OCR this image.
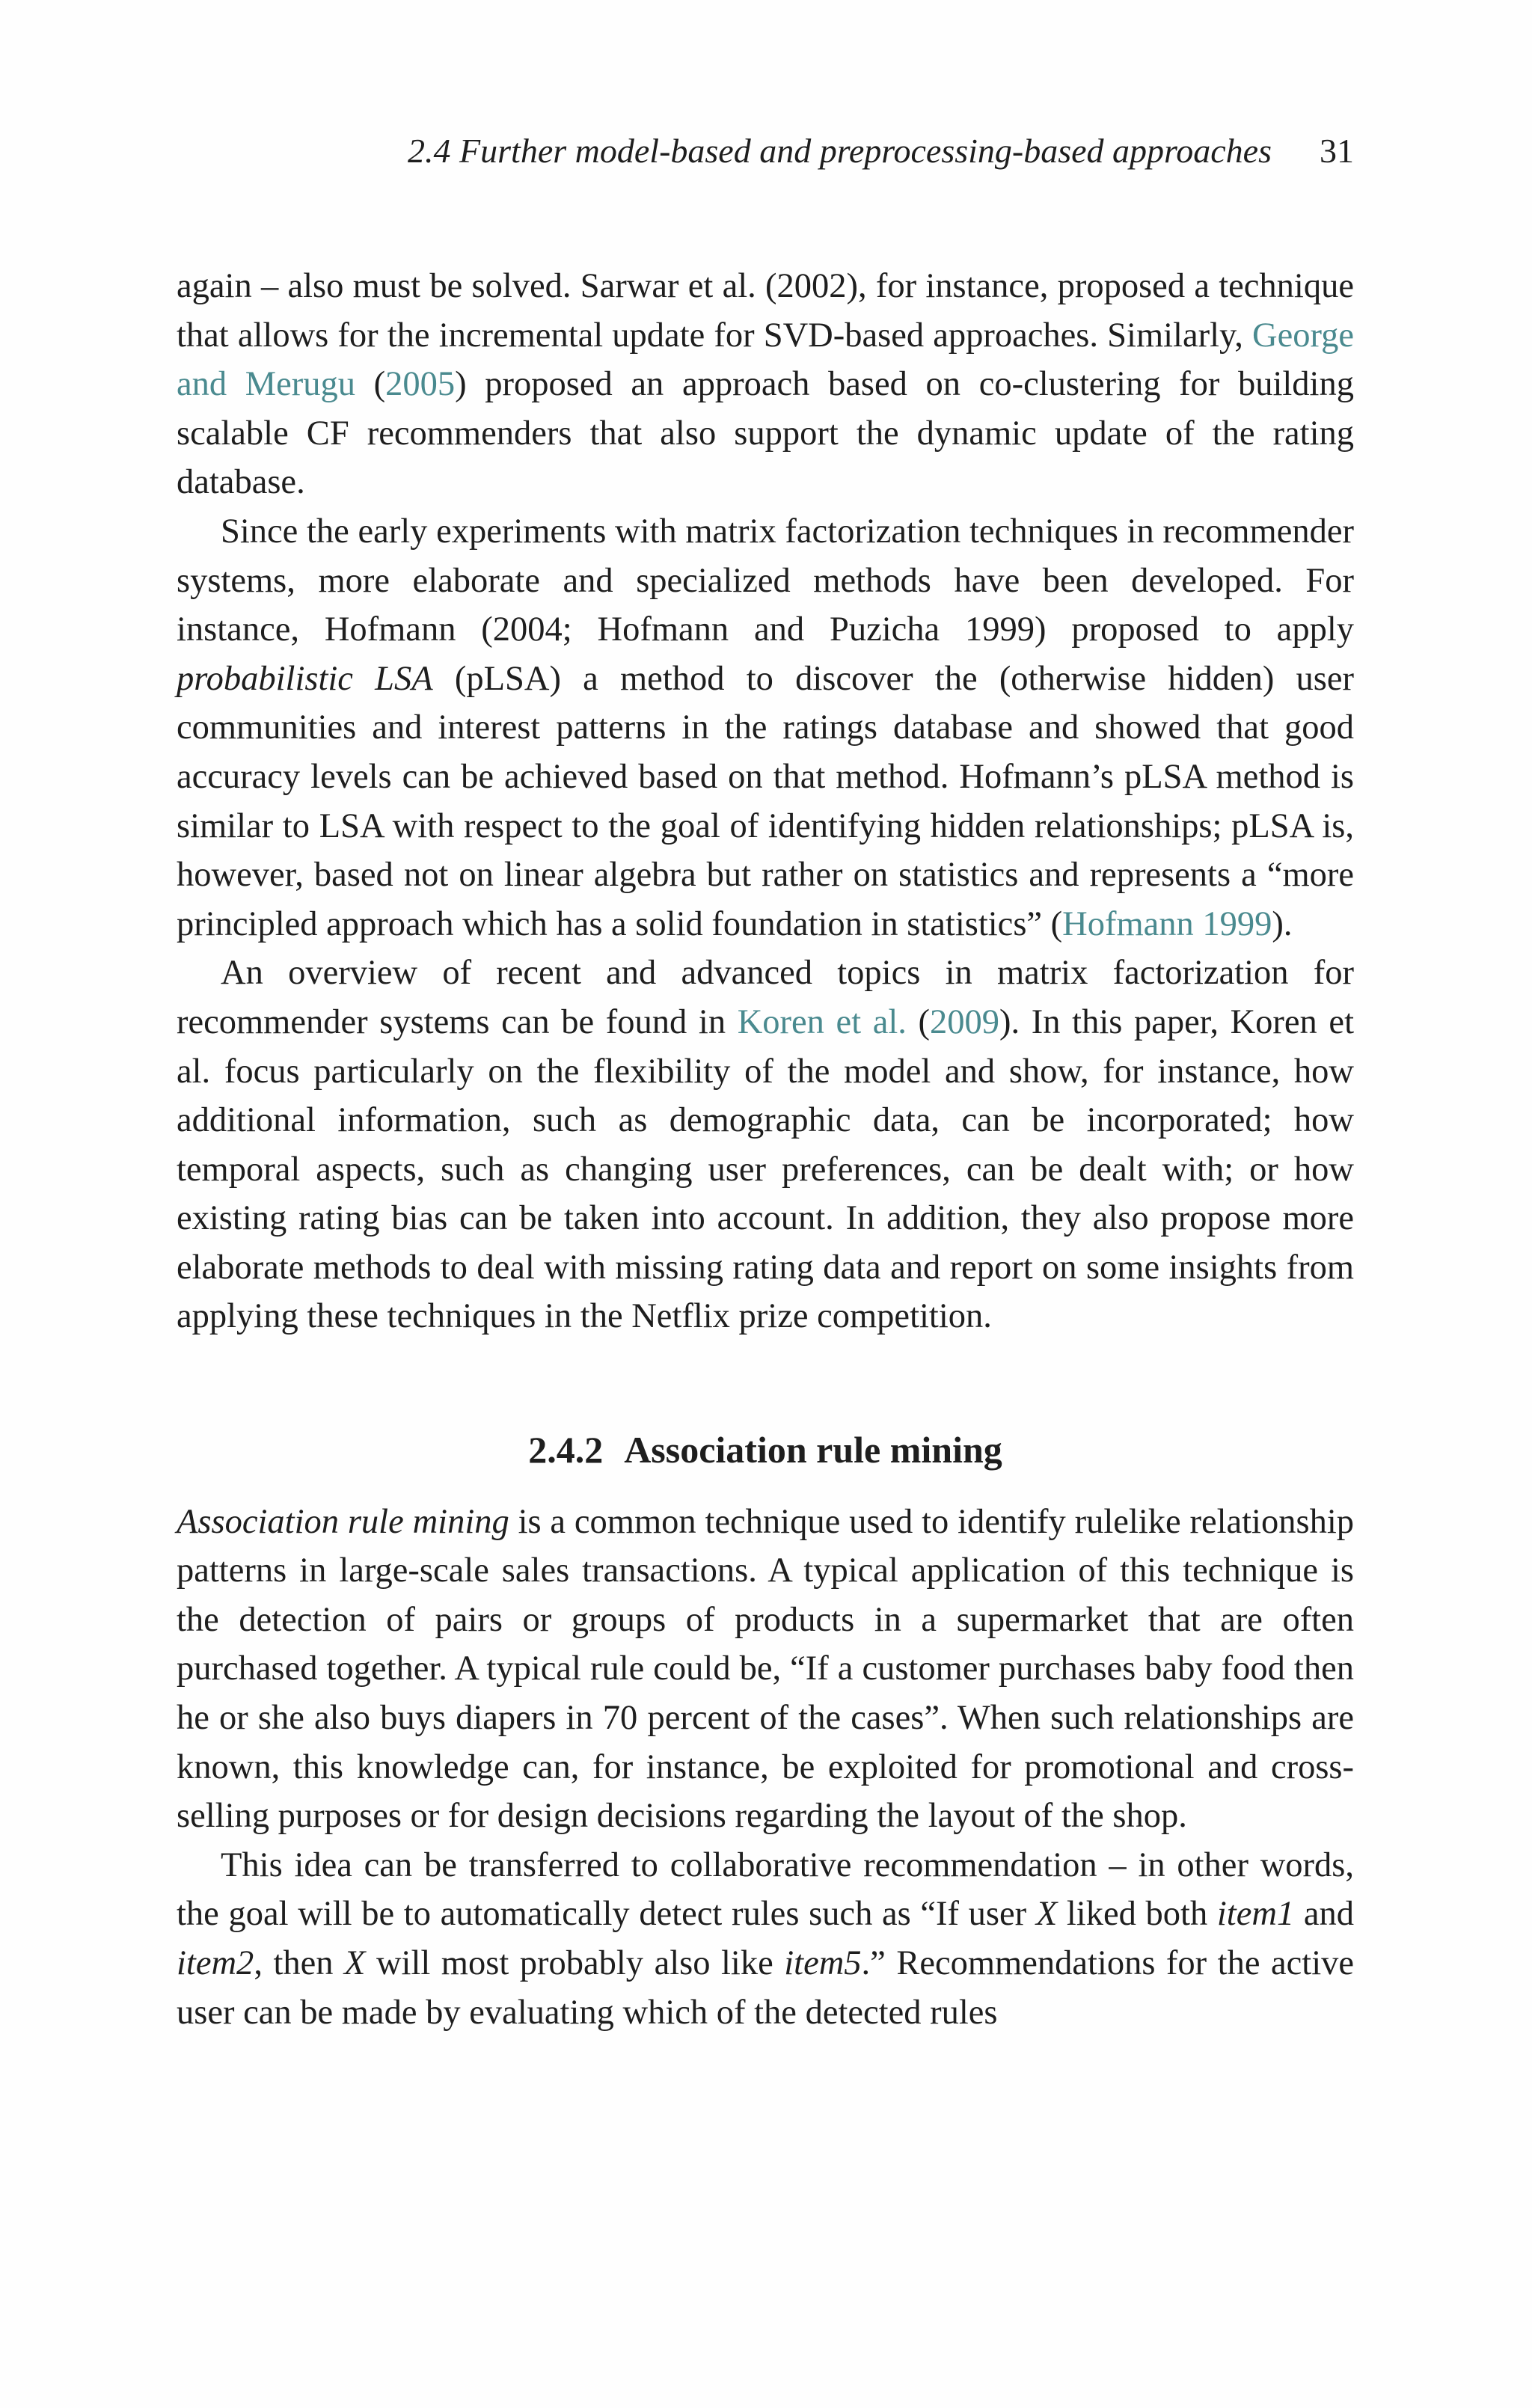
2.4 Further model-based and preprocessing-based approaches 31

again – also must be solved. Sarwar et al. (2002), for instance, proposed a technique that allows for the incremental update for SVD-based approaches. Similarly, George and Merugu (2005) proposed an approach based on co-clustering for building scalable CF recommenders that also support the dynamic update of the rating database.

Since the early experiments with matrix factorization techniques in recommender systems, more elaborate and specialized methods have been developed. For instance, Hofmann (2004; Hofmann and Puzicha 1999) proposed to apply probabilistic LSA (pLSA) a method to discover the (otherwise hidden) user communities and interest patterns in the ratings database and showed that good accuracy levels can be achieved based on that method. Hofmann’s pLSA method is similar to LSA with respect to the goal of identifying hidden relationships; pLSA is, however, based not on linear algebra but rather on statistics and represents a “more principled approach which has a solid foundation in statistics” (Hofmann 1999).

An overview of recent and advanced topics in matrix factorization for recommender systems can be found in Koren et al. (2009). In this paper, Koren et al. focus particularly on the flexibility of the model and show, for instance, how additional information, such as demographic data, can be incorporated; how temporal aspects, such as changing user preferences, can be dealt with; or how existing rating bias can be taken into account. In addition, they also propose more elaborate methods to deal with missing rating data and report on some insights from applying these techniques in the Netflix prize competition.

2.4.2 Association rule mining

Association rule mining is a common technique used to identify rulelike relationship patterns in large-scale sales transactions. A typical application of this technique is the detection of pairs or groups of products in a supermarket that are often purchased together. A typical rule could be, “If a customer purchases baby food then he or she also buys diapers in 70 percent of the cases”. When such relationships are known, this knowledge can, for instance, be exploited for promotional and cross-selling purposes or for design decisions regarding the layout of the shop.

This idea can be transferred to collaborative recommendation – in other words, the goal will be to automatically detect rules such as “If user X liked both item1 and item2, then X will most probably also like item5.” Recommendations for the active user can be made by evaluating which of the detected rules
